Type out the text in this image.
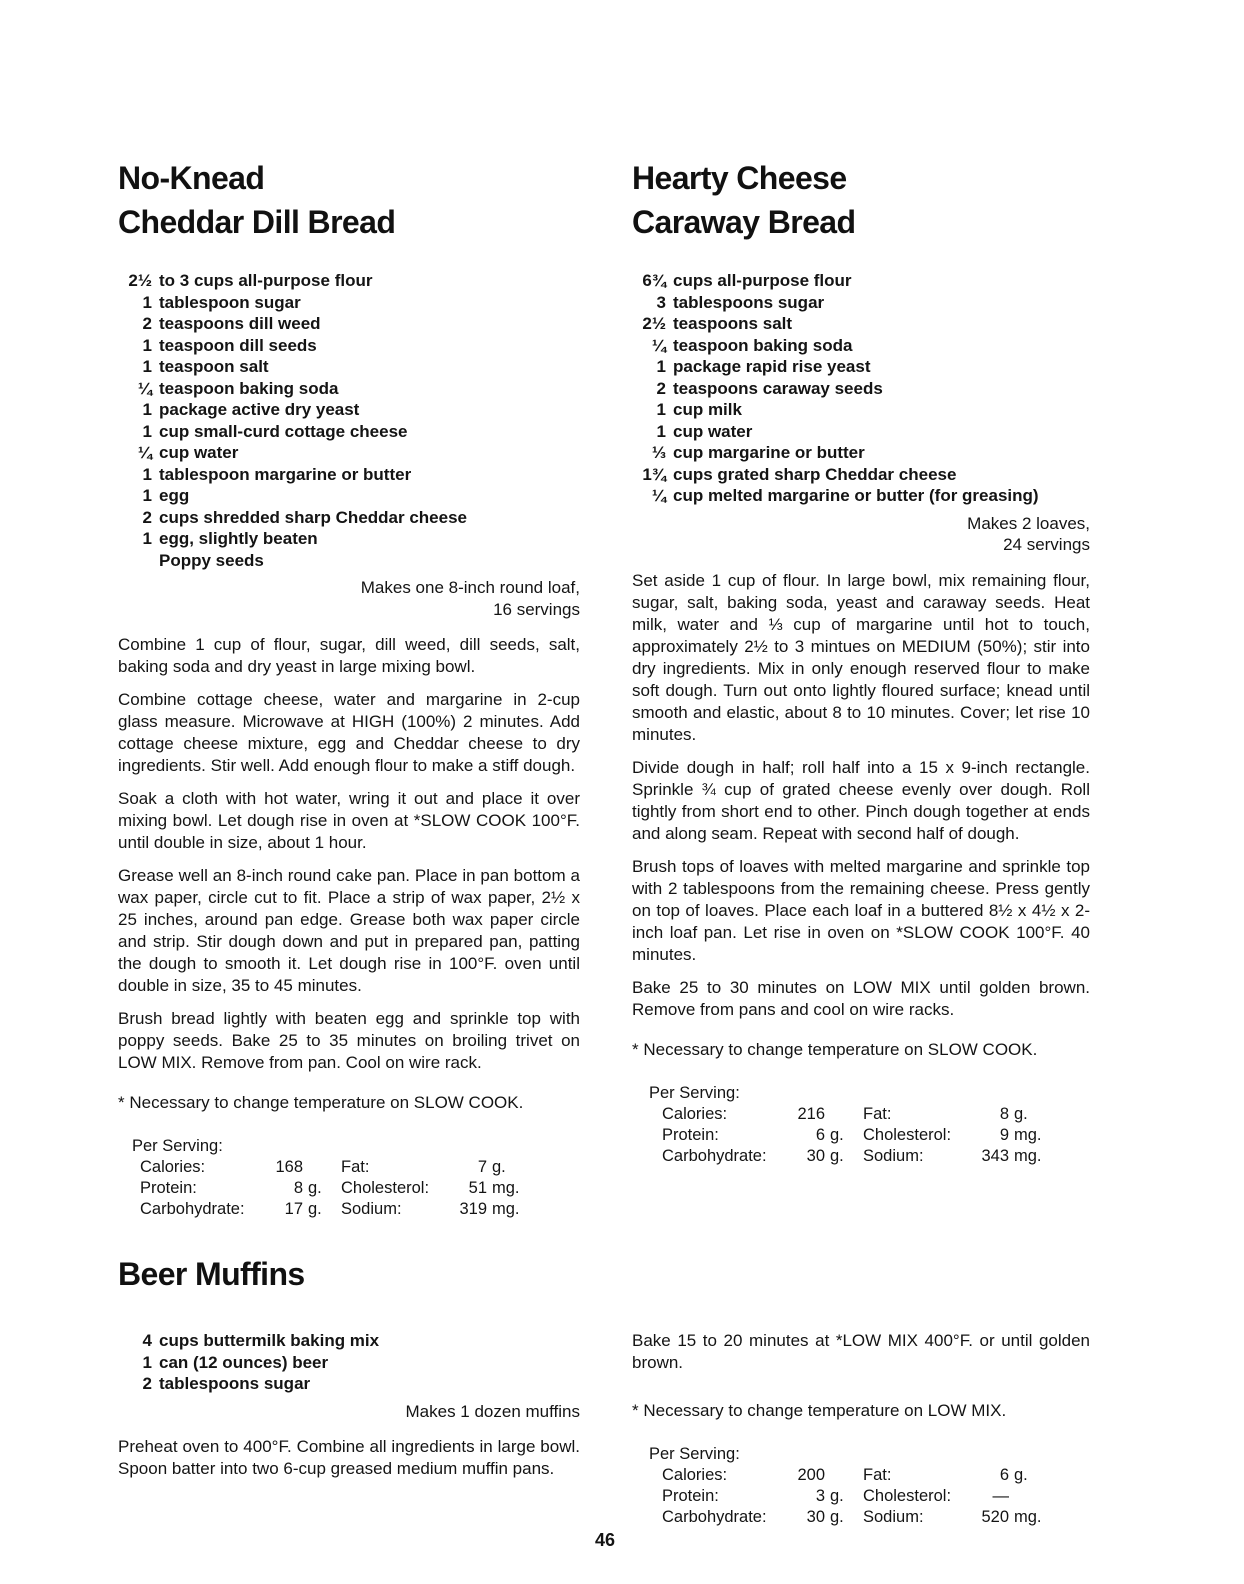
No-Knead
Cheddar Dill Bread
2½ to 3 cups all-purpose flour
1 tablespoon sugar
2 teaspoons dill weed
1 teaspoon dill seeds
1 teaspoon salt
¼ teaspoon baking soda
1 package active dry yeast
1 cup small-curd cottage cheese
¼ cup water
1 tablespoon margarine or butter
1 egg
2 cups shredded sharp Cheddar cheese
1 egg, slightly beaten
Poppy seeds
Makes one 8-inch round loaf,
16 servings

Combine 1 cup of flour, sugar, dill weed, dill seeds, salt, baking soda and dry yeast in large mixing bowl.

Combine cottage cheese, water and margarine in 2-cup glass measure. Microwave at HIGH (100%) 2 minutes. Add cottage cheese mixture, egg and Cheddar cheese to dry ingredients. Stir well. Add enough flour to make a stiff dough.

Soak a cloth with hot water, wring it out and place it over mixing bowl. Let dough rise in oven at *SLOW COOK 100°F. until double in size, about 1 hour.

Grease well an 8-inch round cake pan. Place in pan bottom a wax paper, circle cut to fit. Place a strip of wax paper, 2½ x 25 inches, around pan edge. Grease both wax paper circle and strip. Stir dough down and put in prepared pan, patting the dough to smooth it. Let dough rise in 100°F. oven until double in size, 35 to 45 minutes.

Brush bread lightly with beaten egg and sprinkle top with poppy seeds. Bake 25 to 35 minutes on broiling trivet on LOW MIX. Remove from pan. Cool on wire rack.

* Necessary to change temperature on SLOW COOK.
Per Serving:
Calories:	168 Fat:	7 g.
Protein:	8 g.	Cholesterol:	51 mg.
Carbohydrate:	17 g.	Sodium:	319 mg.
Hearty Cheese
Caraway Bread
6¾ cups all-purpose flour
3 tablespoons sugar
2½ teaspoons salt
¼ teaspoon baking soda
1 package rapid rise yeast
2 teaspoons caraway seeds
1 cup milk
1 cup water
⅓ cup margarine or butter
1¾ cups grated sharp Cheddar cheese
¼ cup melted margarine or butter (for greasing)
Makes 2 loaves,
24 servings

Set aside 1 cup of flour. In large bowl, mix remaining flour, sugar, salt, baking soda, yeast and caraway seeds. Heat milk, water and ⅓ cup of margarine until hot to touch, approximately 2½ to 3 mintues on MEDIUM (50%); stir into dry ingredients. Mix in only enough reserved flour to make soft dough. Turn out onto lightly floured surface; knead until smooth and elastic, about 8 to 10 minutes. Cover; let rise 10 minutes.

Divide dough in half; roll half into a 15 x 9-inch rectangle. Sprinkle ¾ cup of grated cheese evenly over dough. Roll tightly from short end to other. Pinch dough together at ends and along seam. Repeat with second half of dough.

Brush tops of loaves with melted margarine and sprinkle top with 2 tablespoons from the remaining cheese. Press gently on top of loaves. Place each loaf in a buttered 8½ x 4½ x 2-inch loaf pan. Let rise in oven on *SLOW COOK 100°F. 40 minutes.

Bake 25 to 30 minutes on LOW MIX until golden brown. Remove from pans and cool on wire racks.

* Necessary to change temperature on SLOW COOK.
Per Serving:
Calories:	216 Fat:	8 g.
Protein:	6 g.	Cholesterol:	9 mg.
Carbohydrate:	30 g.	Sodium:	343 mg.
Beer Muffins
4 cups buttermilk baking mix
1 can (12 ounces) beer
2 tablespoons sugar
Makes 1 dozen muffins

Preheat oven to 400°F. Combine all ingredients in large bowl. Spoon batter into two 6-cup greased medium muffin pans.

Bake 15 to 20 minutes at *LOW MIX 400°F. or until golden brown.

* Necessary to change temperature on LOW MIX.
Per Serving:
Calories:	200 Fat:	6 g.
Protein:	3 g.	Cholesterol:	—
Carbohydrate:	30 g.	Sodium:	520 mg.
46
